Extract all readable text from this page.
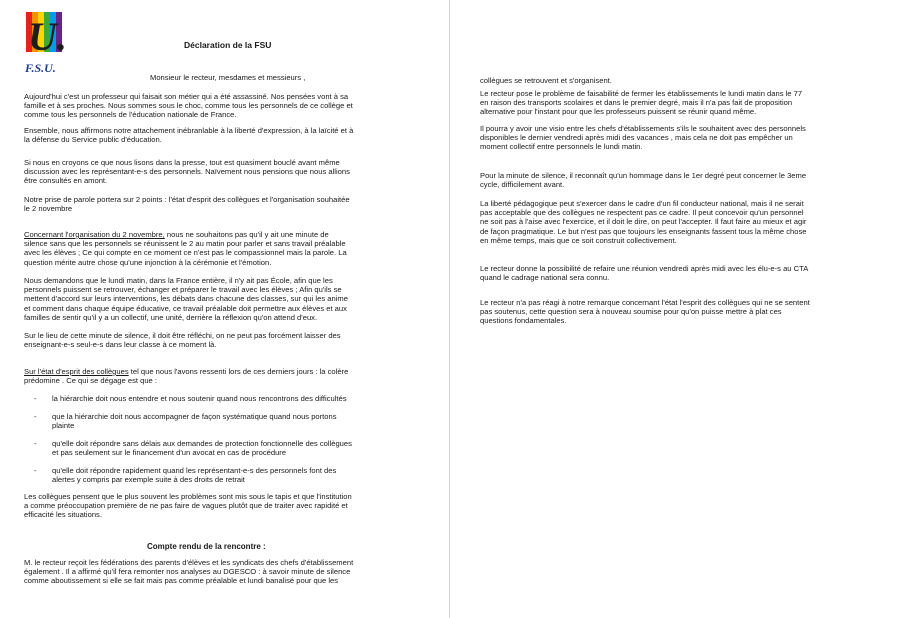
U.
F.S.U.
Déclaration de la FSU
Monsieur le recteur, mesdames et messieurs ,
Aujourd'hui c'est un professeur qui faisait son métier qui a été assassiné. Nos pensées vont à sa
famille et à ses proches. Nous sommes sous le choc, comme tous les personnels de ce collège et
comme tous les personnels de l'éducation nationale de France.
Ensemble, nous affirmons notre attachement inébranlable à la liberté d'expression, à la laïcité et à
la défense du Service public d'éducation.
Si nous en croyons ce que nous lisons dans la presse, tout est quasiment bouclé avant même
discussion avec les représentant-e-s des personnels. Naïvement nous pensions que nous allions
être consultés en amont.
Notre prise de parole portera sur 2 points : l'état d'esprit des collègues et l'organisation souhaitée
le 2 novembre
Concernant l'organisation du 2 novembre, nous ne souhaitons pas qu'il y ait une minute de
silence sans que les personnels se réunissent le 2 au matin pour parler et sans travail préalable
avec les élèves ; Ce qui compte en ce moment ce n'est pas le compassionnel mais la parole. La
question mérite autre chose qu'une injonction à la cérémonie et l'émotion.
Nous demandons que le lundi matin, dans la France entière, il n'y ait pas École, afin que les
personnels puissent se retrouver, échanger et préparer le travail avec les élèves ; Afin qu'ils se
mettent d'accord sur leurs interventions, les débats dans chacune des classes, sur qui les anime
et comment dans chaque équipe éducative, ce travail préalable doit permettre aux élèves et aux
familles de sentir qu'il y a un collectif, une unité, derrière la réflexion qu'on attend d'eux.
Sur le lieu de cette minute de silence, il doit être réfléchi, on ne peut pas forcément laisser des
enseignant-e-s seul-e-s dans leur classe à ce moment là.
Sur l'état d'esprit des collègues tel que nous l'avons ressenti lors de ces derniers jours : la colère
prédomine . Ce qui se dégage est que :
- la hiérarchie doit nous entendre et nous soutenir quand nous rencontrons des difficultés
- que la hiérarchie doit nous accompagner de façon systématique quand nous portons
plainte
- qu'elle doit répondre sans délais aux demandes de protection fonctionnelle des collègues
et pas seulement sur le financement d'un avocat en cas de procédure
- qu'elle doit répondre rapidement quand les représentant-e-s des personnels font des
alertes y compris par exemple suite à des droits de retrait
Les collègues pensent que le plus souvent les problèmes sont mis sous le tapis et que l'institution
a comme préoccupation première de ne pas faire de vagues plutôt que de traiter avec rapidité et
efficacité les situations.
Compte rendu de la rencontre :
M. le recteur reçoit les fédérations des parents d'élèves et les syndicats des chefs d'établissement
également . Il a affirmé qu'il fera remonter nos analyses au DGESCO : à savoir minute de silence
comme aboutissement si elle se fait mais pas comme préalable et lundi banalisé pour que les
collègues se retrouvent et s'organisent.
Le recteur pose le problème de faisabilité de fermer les établissements le lundi matin dans le 77
en raison des transports scolaires et dans le premier degré, mais il n'a pas fait de proposition
alternative pour l'instant pour que les professeurs puissent se réunir quand même.
Il pourra y avoir une visio entre les chefs d'établissements s'ils le souhaitent avec des personnels
disponibles le dernier vendredi après midi des vacances , mais cela ne doit pas empêcher un
moment collectif entre personnels le lundi matin.
Pour la minute de silence, il reconnaît qu'un hommage dans le 1er degré peut concerner le 3eme
cycle, difficilement avant.
La liberté pédagogique peut s'exercer dans le cadre d'un fil conducteur national, mais il ne serait
pas acceptable que des collègues ne respectent pas ce cadre. Il peut concevoir qu'un personnel
ne soit pas à l'aise avec l'exercice, et il doit le dire, on peut l'accepter. Il faut faire au mieux et agir
de façon pragmatique. Le but n'est pas que toujours les enseignants fassent tous la même chose
en même temps, mais que ce soit construit collectivement.
Le recteur donne la possibilité de refaire une réunion vendredi après midi avec les élu-e-s au CTA
quand le cadrage national sera connu.
Le recteur n'a pas réagi à notre remarque concernant l'état l'esprit des collègues qui ne se sentent
pas soutenus, cette question sera à nouveau soumise pour qu'on puisse mettre à plat ces
questions fondamentales.
